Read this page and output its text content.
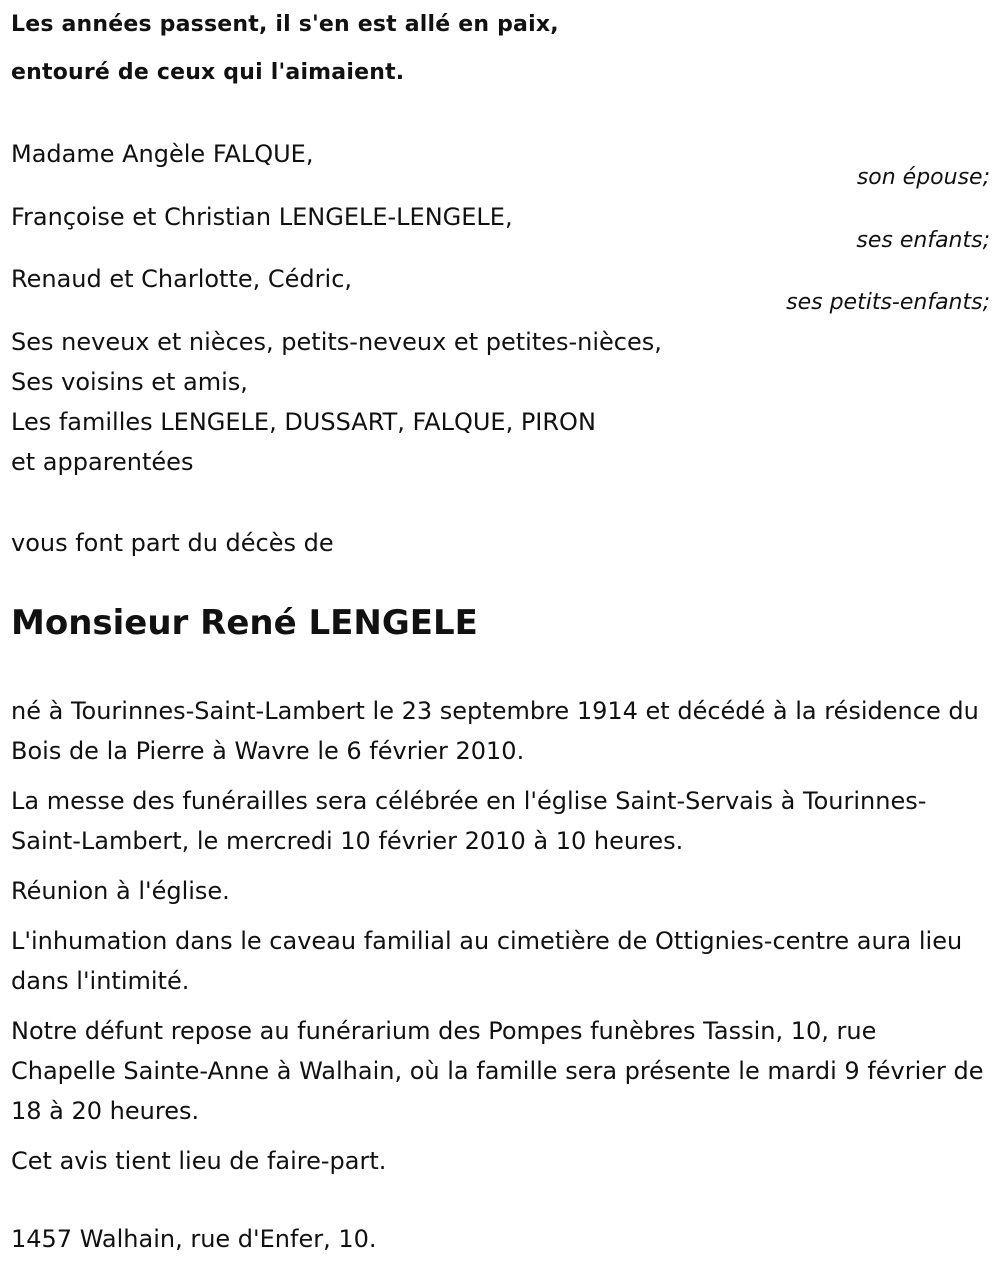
Les années passent, il s'en est allé en paix,
entouré de ceux qui l'aimaient.
Madame Angèle FALQUE,
son épouse;
Françoise et Christian LENGELE-LENGELE,
ses enfants;
Renaud et Charlotte, Cédric,
ses petits-enfants;
Ses neveux et nièces, petits-neveux et petites-nièces,
Ses voisins et amis,
Les familles LENGELE, DUSSART, FALQUE, PIRON
et apparentées
vous font part du décès de
Monsieur René LENGELE
né à Tourinnes-Saint-Lambert le 23 septembre 1914 et décédé à la résidence du Bois de la Pierre à Wavre le 6 février 2010.
La messe des funérailles sera célébrée en l'église Saint-Servais à Tourinnes-Saint-Lambert, le mercredi 10 février 2010 à 10 heures.
Réunion à l'église.
L'inhumation dans le caveau familial au cimetière de Ottignies-centre aura lieu dans l'intimité.
Notre défunt repose au funérarium des Pompes funèbres Tassin, 10, rue Chapelle Sainte-Anne à Walhain, où la famille sera présente le mardi 9 février de 18 à 20 heures.
Cet avis tient lieu de faire-part.
1457 Walhain, rue d'Enfer, 10.
